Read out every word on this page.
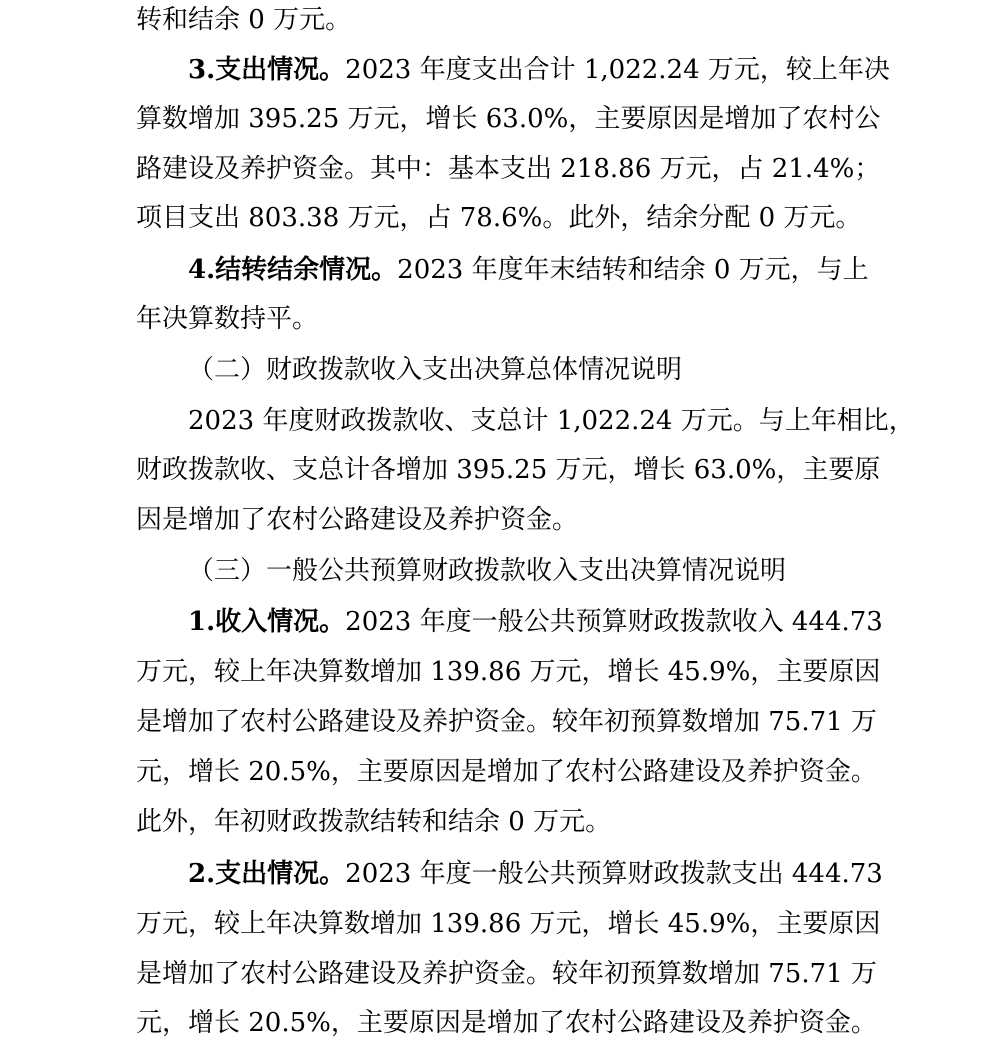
转和结余 0 万元。

3.支出情况。2023 年度支出合计 1,022.24 万元，较上年决

算数增加 395.25 万元，增长 63.0%，主要原因是增加了农村公

路建设及养护资金。其中：基本支出 218.86 万元，占 21.4%；

项目支出 803.38 万元，占 78.6%。此外，结余分配 0 万元。

4.结转结余情况。2023 年度年末结转和结余 0 万元，与上

年决算数持平。

（二）财政拨款收入支出决算总体情况说明

2023 年度财政拨款收、支总计 1,022.24 万元。与上年相比，

财政拨款收、支总计各增加 395.25 万元，增长 63.0%，主要原

因是增加了农村公路建设及养护资金。

（三）一般公共预算财政拨款收入支出决算情况说明

1.收入情况。2023 年度一般公共预算财政拨款收入 444.73

万元，较上年决算数增加 139.86 万元，增长 45.9%，主要原因

是增加了农村公路建设及养护资金。较年初预算数增加 75.71 万

元，增长 20.5%，主要原因是增加了农村公路建设及养护资金。

此外，年初财政拨款结转和结余 0 万元。

2.支出情况。2023 年度一般公共预算财政拨款支出 444.73

万元，较上年决算数增加 139.86 万元，增长 45.9%，主要原因

是增加了农村公路建设及养护资金。较年初预算数增加 75.71 万

元，增长 20.5%，主要原因是增加了农村公路建设及养护资金。
